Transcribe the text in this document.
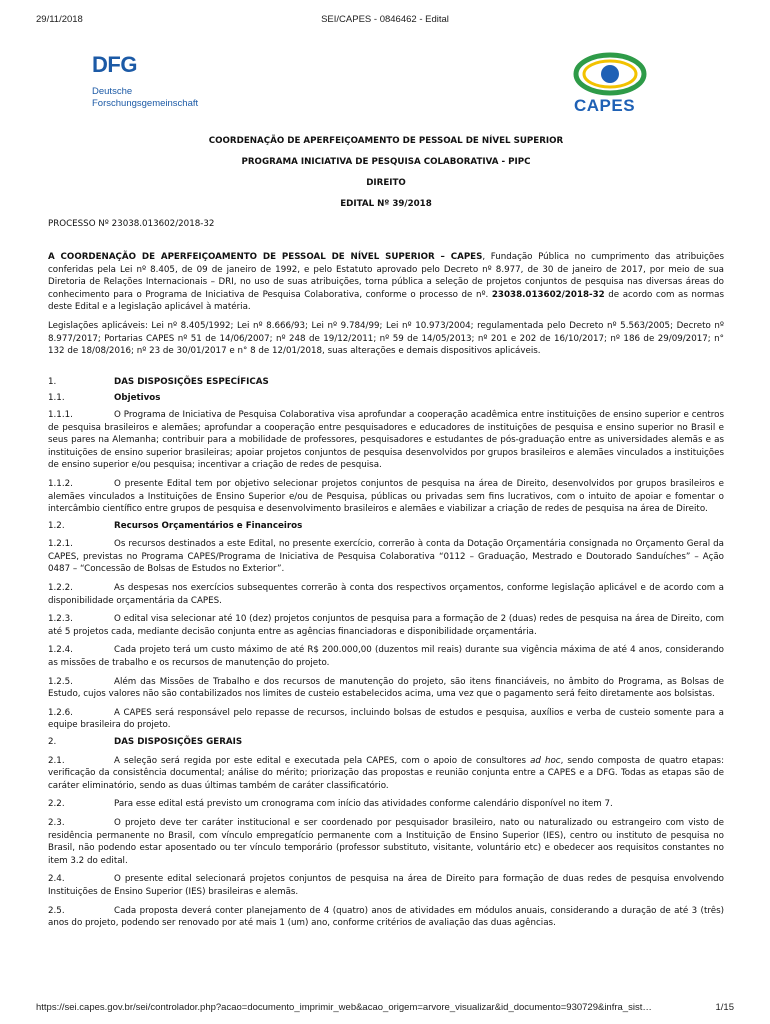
29/11/2018	SEI/CAPES - 0846462 - Edital
DFG
Deutsche
Forschungsgemeinschaft	CAPES

COORDENAÇÃO DE APERFEIÇOAMENTO DE PESSOAL DE NÍVEL SUPERIOR

PROGRAMA INICIATIVA DE PESQUISA COLABORATIVA - PIPC

DIREITO

EDITAL Nº 39/2018

PROCESSO Nº 23038.013602/2018-32

A COORDENAÇÃO DE APERFEIÇOAMENTO DE PESSOAL DE NÍVEL SUPERIOR – CAPES, Fundação Pública no cumprimento das atribuições conferidas pela Lei nº 8.405, de 09 de janeiro de 1992, e pelo Estatuto aprovado pelo Decreto nº 8.977, de 30 de janeiro de 2017, por meio de sua Diretoria de Relações Internacionais – DRI, no uso de suas atribuições, torna pública a seleção de projetos conjuntos de pesquisa nas diversas áreas do conhecimento para o Programa de Iniciativa de Pesquisa Colaborativa, conforme o processo de nº. 23038.013602/2018-32 de acordo com as normas deste Edital e a legislação aplicável à matéria.

Legislações aplicáveis: Lei nº 8.405/1992; Lei nº 8.666/93; Lei nº 9.784/99; Lei nº 10.973/2004; regulamentada pelo Decreto nº 5.563/2005; Decreto nº 8.977/2017; Portarias CAPES nº 51 de 14/06/2007; nº 248 de 19/12/2011; nº 59 de 14/05/2013; nº 201 e 202 de 16/10/2017; nº 186 de 29/09/2017; n° 132 de 18/08/2016; nº 23 de 30/01/2017 e n° 8 de 12/01/2018, suas alterações e demais dispositivos aplicáveis.

1.	DAS DISPOSIÇÕES ESPECÍFICAS
1.1.	Objetivos

1.1.1.	O Programa de Iniciativa de Pesquisa Colaborativa visa aprofundar a cooperação acadêmica entre instituições de ensino superior e centros de pesquisa brasileiros e alemães; aprofundar a cooperação entre pesquisadores e educadores de instituições de pesquisa e ensino superior no Brasil e seus pares na Alemanha; contribuir para a mobilidade de professores, pesquisadores e estudantes de pós-graduação entre as universidades alemãs e as instituições de ensino superior brasileiras; apoiar projetos conjuntos de pesquisa desenvolvidos por grupos brasileiros e alemães vinculados a instituições de ensino superior e/ou pesquisa; incentivar a criação de redes de pesquisa.

1.1.2.	O presente Edital tem por objetivo selecionar projetos conjuntos de pesquisa na área de Direito, desenvolvidos por grupos brasileiros e alemães vinculados a Instituições de Ensino Superior e/ou de Pesquisa, públicas ou privadas sem fins lucrativos, com o intuito de apoiar e fomentar o intercâmbio científico entre grupos de pesquisa e desenvolvimento brasileiros e alemães e viabilizar a criação de redes de pesquisa na área de Direito.

1.2.	Recursos Orçamentários e Financeiros

1.2.1.	Os recursos destinados a este Edital, no presente exercício, correrão à conta da Dotação Orçamentária consignada no Orçamento Geral da CAPES, previstas no Programa CAPES/Programa de Iniciativa de Pesquisa Colaborativa “0112 – Graduação, Mestrado e Doutorado Sanduíches” – Ação 0487 – “Concessão de Bolsas de Estudos no Exterior”.

1.2.2.	As despesas nos exercícios subsequentes correrão à conta dos respectivos orçamentos, conforme legislação aplicável e de acordo com a disponibilidade orçamentária da CAPES.

1.2.3.	O edital visa selecionar até 10 (dez) projetos conjuntos de pesquisa para a formação de 2 (duas) redes de pesquisa na área de Direito, com até 5 projetos cada, mediante decisão conjunta entre as agências financiadoras e disponibilidade orçamentária.

1.2.4.	Cada projeto terá um custo máximo de até R$ 200.000,00 (duzentos mil reais) durante sua vigência máxima de até 4 anos, considerando as missões de trabalho e os recursos de manutenção do projeto.

1.2.5.	Além das Missões de Trabalho e dos recursos de manutenção do projeto, são itens financiáveis, no âmbito do Programa, as Bolsas de Estudo, cujos valores não são contabilizados nos limites de custeio estabelecidos acima, uma vez que o pagamento será feito diretamente aos bolsistas.

1.2.6.	A CAPES será responsável pelo repasse de recursos, incluindo bolsas de estudos e pesquisa, auxílios e verba de custeio somente para a equipe brasileira do projeto.

2.	DAS DISPOSIÇÕES GERAIS

2.1.	A seleção será regida por este edital e executada pela CAPES, com o apoio de consultores ad hoc, sendo composta de quatro etapas: verificação da consistência documental; análise do mérito; priorização das propostas e reunião conjunta entre a CAPES e a DFG. Todas as etapas são de caráter eliminatório, sendo as duas últimas também de caráter classificatório.

2.2.	Para esse edital está previsto um cronograma com início das atividades conforme calendário disponível no item 7.

2.3.	O projeto deve ter caráter institucional e ser coordenado por pesquisador brasileiro, nato ou naturalizado ou estrangeiro com visto de residência permanente no Brasil, com vínculo empregatício permanente com a Instituição de Ensino Superior (IES), centro ou instituto de pesquisa no Brasil, não podendo estar aposentado ou ter vínculo temporário (professor substituto, visitante, voluntário etc) e obedecer aos requisitos constantes no item 3.2 do edital.

2.4.	O presente edital selecionará projetos conjuntos de pesquisa na área de Direito para formação de duas redes de pesquisa envolvendo Instituições de Ensino Superior (IES) brasileiras e alemãs.

2.5.	Cada proposta deverá conter planejamento de 4 (quatro) anos de atividades em módulos anuais, considerando a duração de até 3 (três) anos do projeto, podendo ser renovado por até mais 1 (um) ano, conforme critérios de avaliação das duas agências.

https://sei.capes.gov.br/sei/controlador.php?acao=documento_imprimir_web&acao_origem=arvore_visualizar&id_documento=930729&infra_sist…	1/15
